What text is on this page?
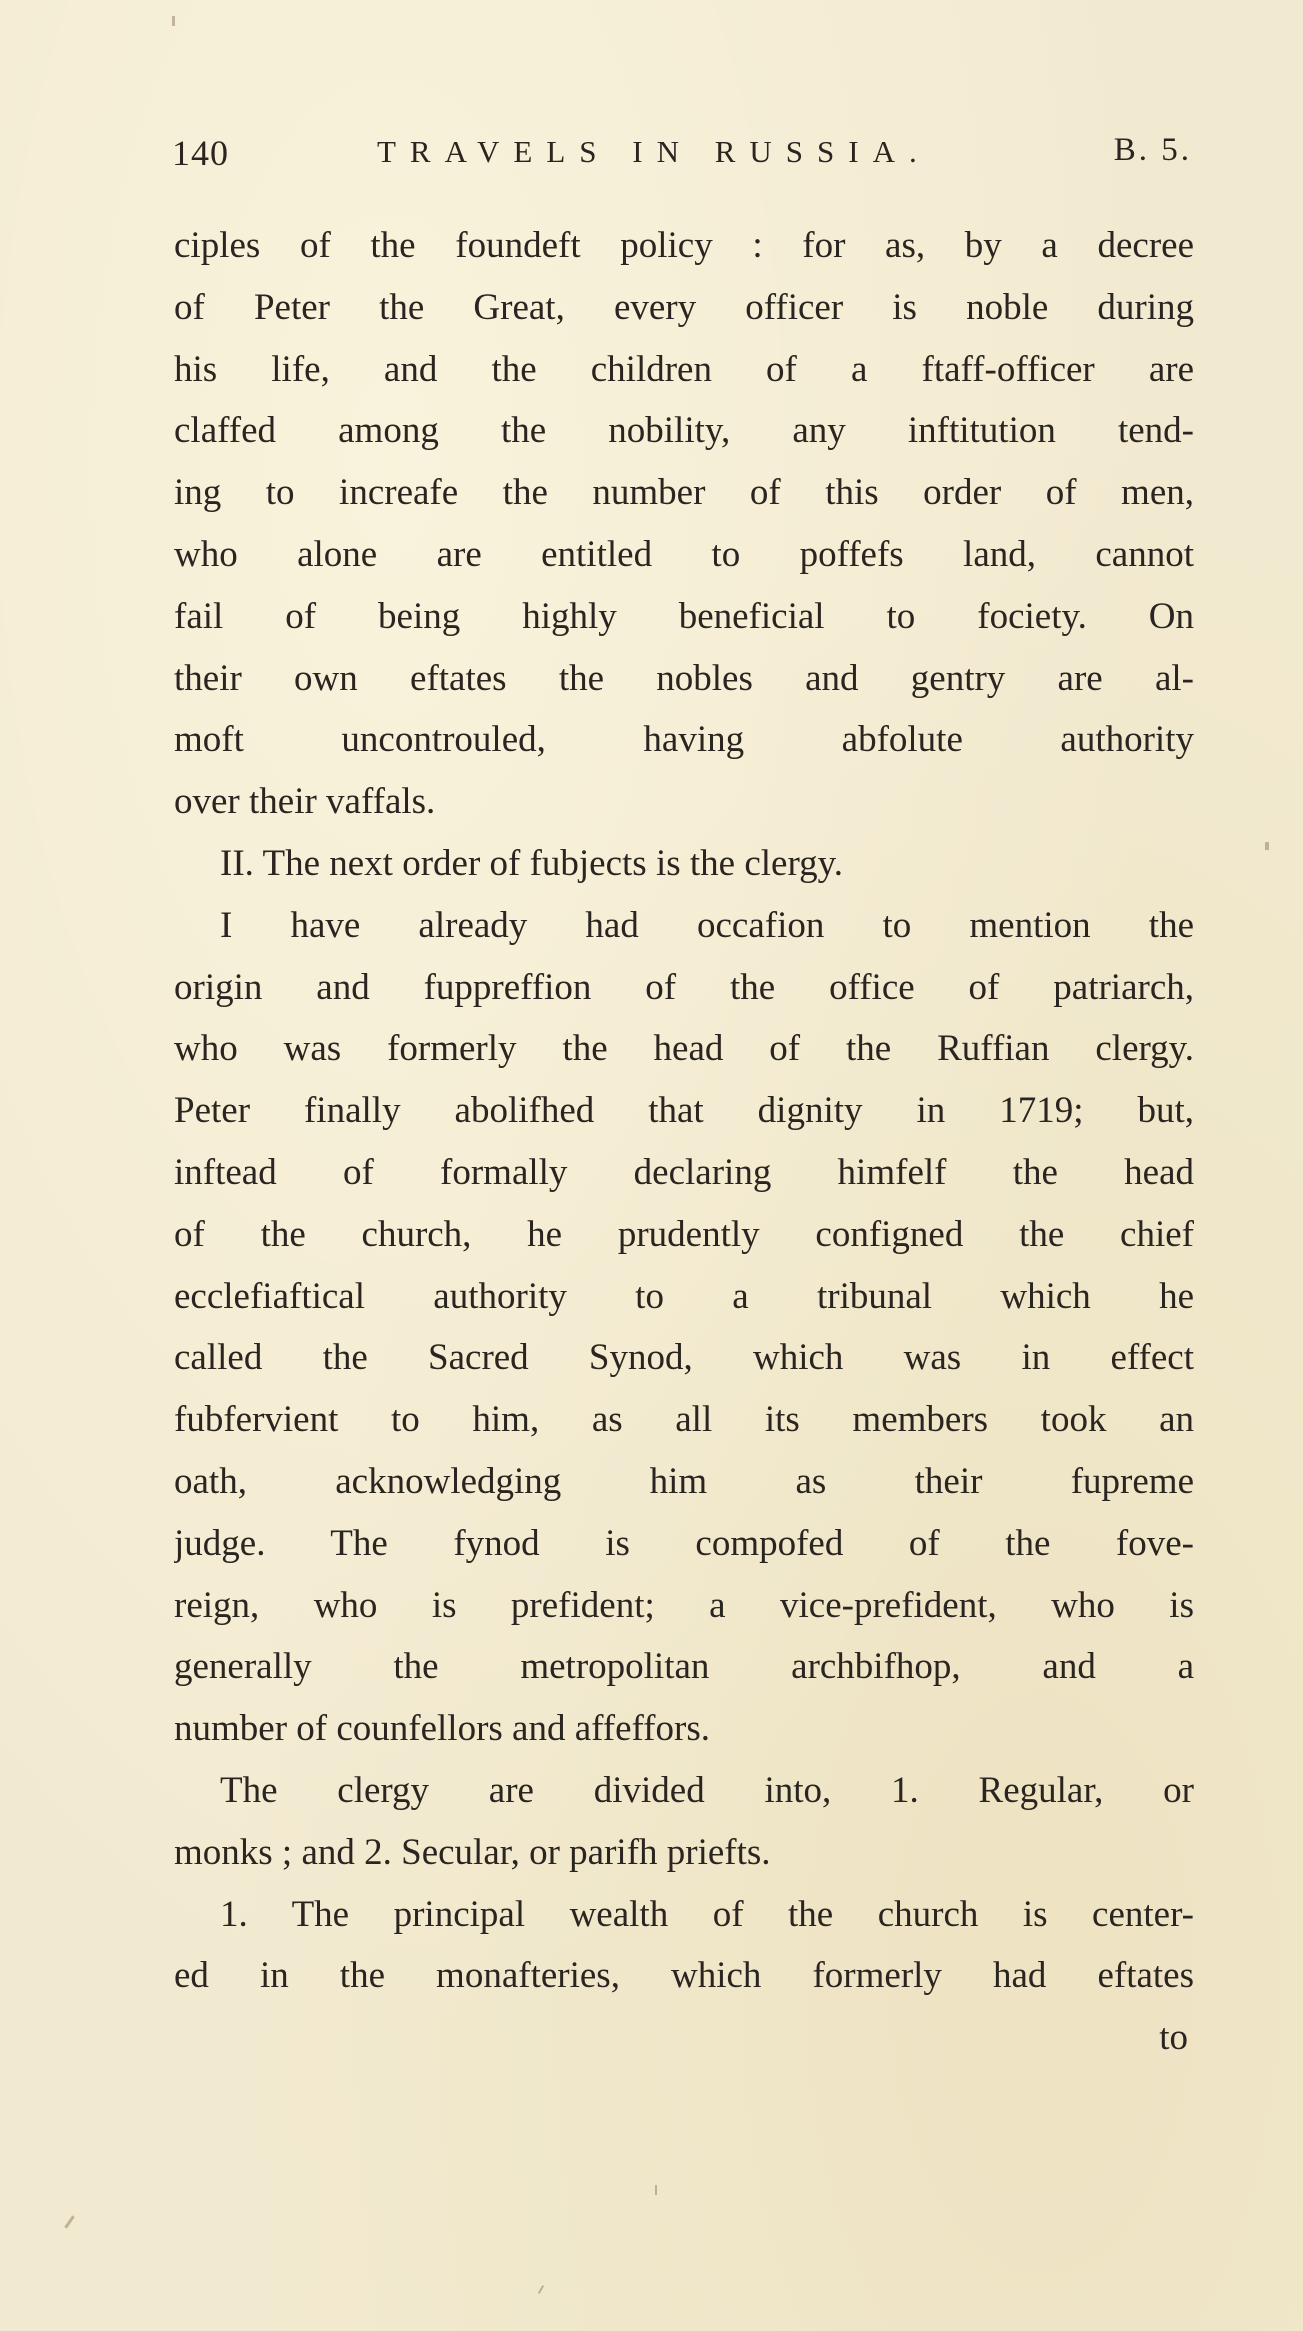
140	TRAVELS IN RUSSIA.	B. 5.
ciples of the foundeft policy : for as, by a decree
of Peter the Great, every officer is noble during
his life, and the children of a ftaff-officer are
claffed among the nobility, any inftitution tend-
ing to increafe the number of this order of men,
who alone are entitled to poffefs land, cannot
fail of being highly beneficial to fociety. On
their own eftates the nobles and gentry are al-
moft uncontrouled, having abfolute authority
over their vaffals.
II. The next order of fubjects is the clergy.
I have already had occafion to mention the
origin and fuppreffion of the office of patriarch,
who was formerly the head of the Ruffian clergy.
Peter finally abolifhed that dignity in 1719; but,
inftead of formally declaring himfelf the head
of the church, he prudently configned the chief
ecclefiaftical authority to a tribunal which he
called the Sacred Synod, which was in effect
fubfervient to him, as all its members took an
oath, acknowledging him as their fupreme
judge. The fynod is compofed of the fove-
reign, who is prefident; a vice-prefident, who is
generally the metropolitan archbifhop, and a
number of counfellors and affeffors.
The clergy are divided into, 1. Regular, or
monks ; and 2. Secular, or parifh priefts.
1. The principal wealth of the church is center-
ed in the monafteries, which formerly had eftates
to
